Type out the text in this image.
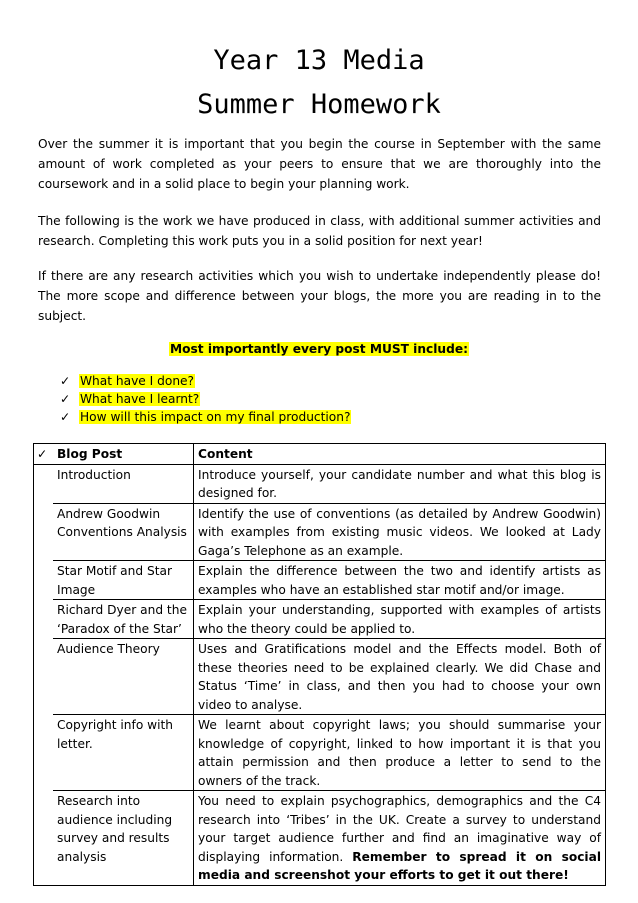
Year 13 Media
Summer Homework
Over the summer it is important that you begin the course in September with the same amount of work completed as your peers to ensure that we are thoroughly into the coursework and in a solid place to begin your planning work.
The following is the work we have produced in class, with additional summer activities and research. Completing this work puts you in a solid position for next year!
If there are any research activities which you wish to undertake independently please do! The more scope and difference between your blogs, the more you are reading in to the subject.
Most importantly every post MUST include:
✓ What have I done?
✓ What have I learnt?
✓ How will this impact on my final production?
✓	Blog Post	Content
	Introduction	Introduce yourself, your candidate number and what this blog is designed for.
	Andrew Goodwin Conventions Analysis	Identify the use of conventions (as detailed by Andrew Goodwin) with examples from existing music videos. We looked at Lady Gaga’s Telephone as an example.
	Star Motif and Star Image	Explain the difference between the two and identify artists as examples who have an established star motif and/or image.
	Richard Dyer and the ‘Paradox of the Star’	Explain your understanding, supported with examples of artists who the theory could be applied to.
	Audience Theory	Uses and Gratifications model and the Effects model. Both of these theories need to be explained clearly. We did Chase and Status ‘Time’ in class, and then you had to choose your own video to analyse.
	Copyright info with letter.	We learnt about copyright laws; you should summarise your knowledge of copyright, linked to how important it is that you attain permission and then produce a letter to send to the owners of the track.
	Research into audience including survey and results analysis	You need to explain psychographics, demographics and the C4 research into ‘Tribes’ in the UK. Create a survey to understand your target audience further and find an imaginative way of displaying information. Remember to spread it on social media and screenshot your efforts to get it out there!
